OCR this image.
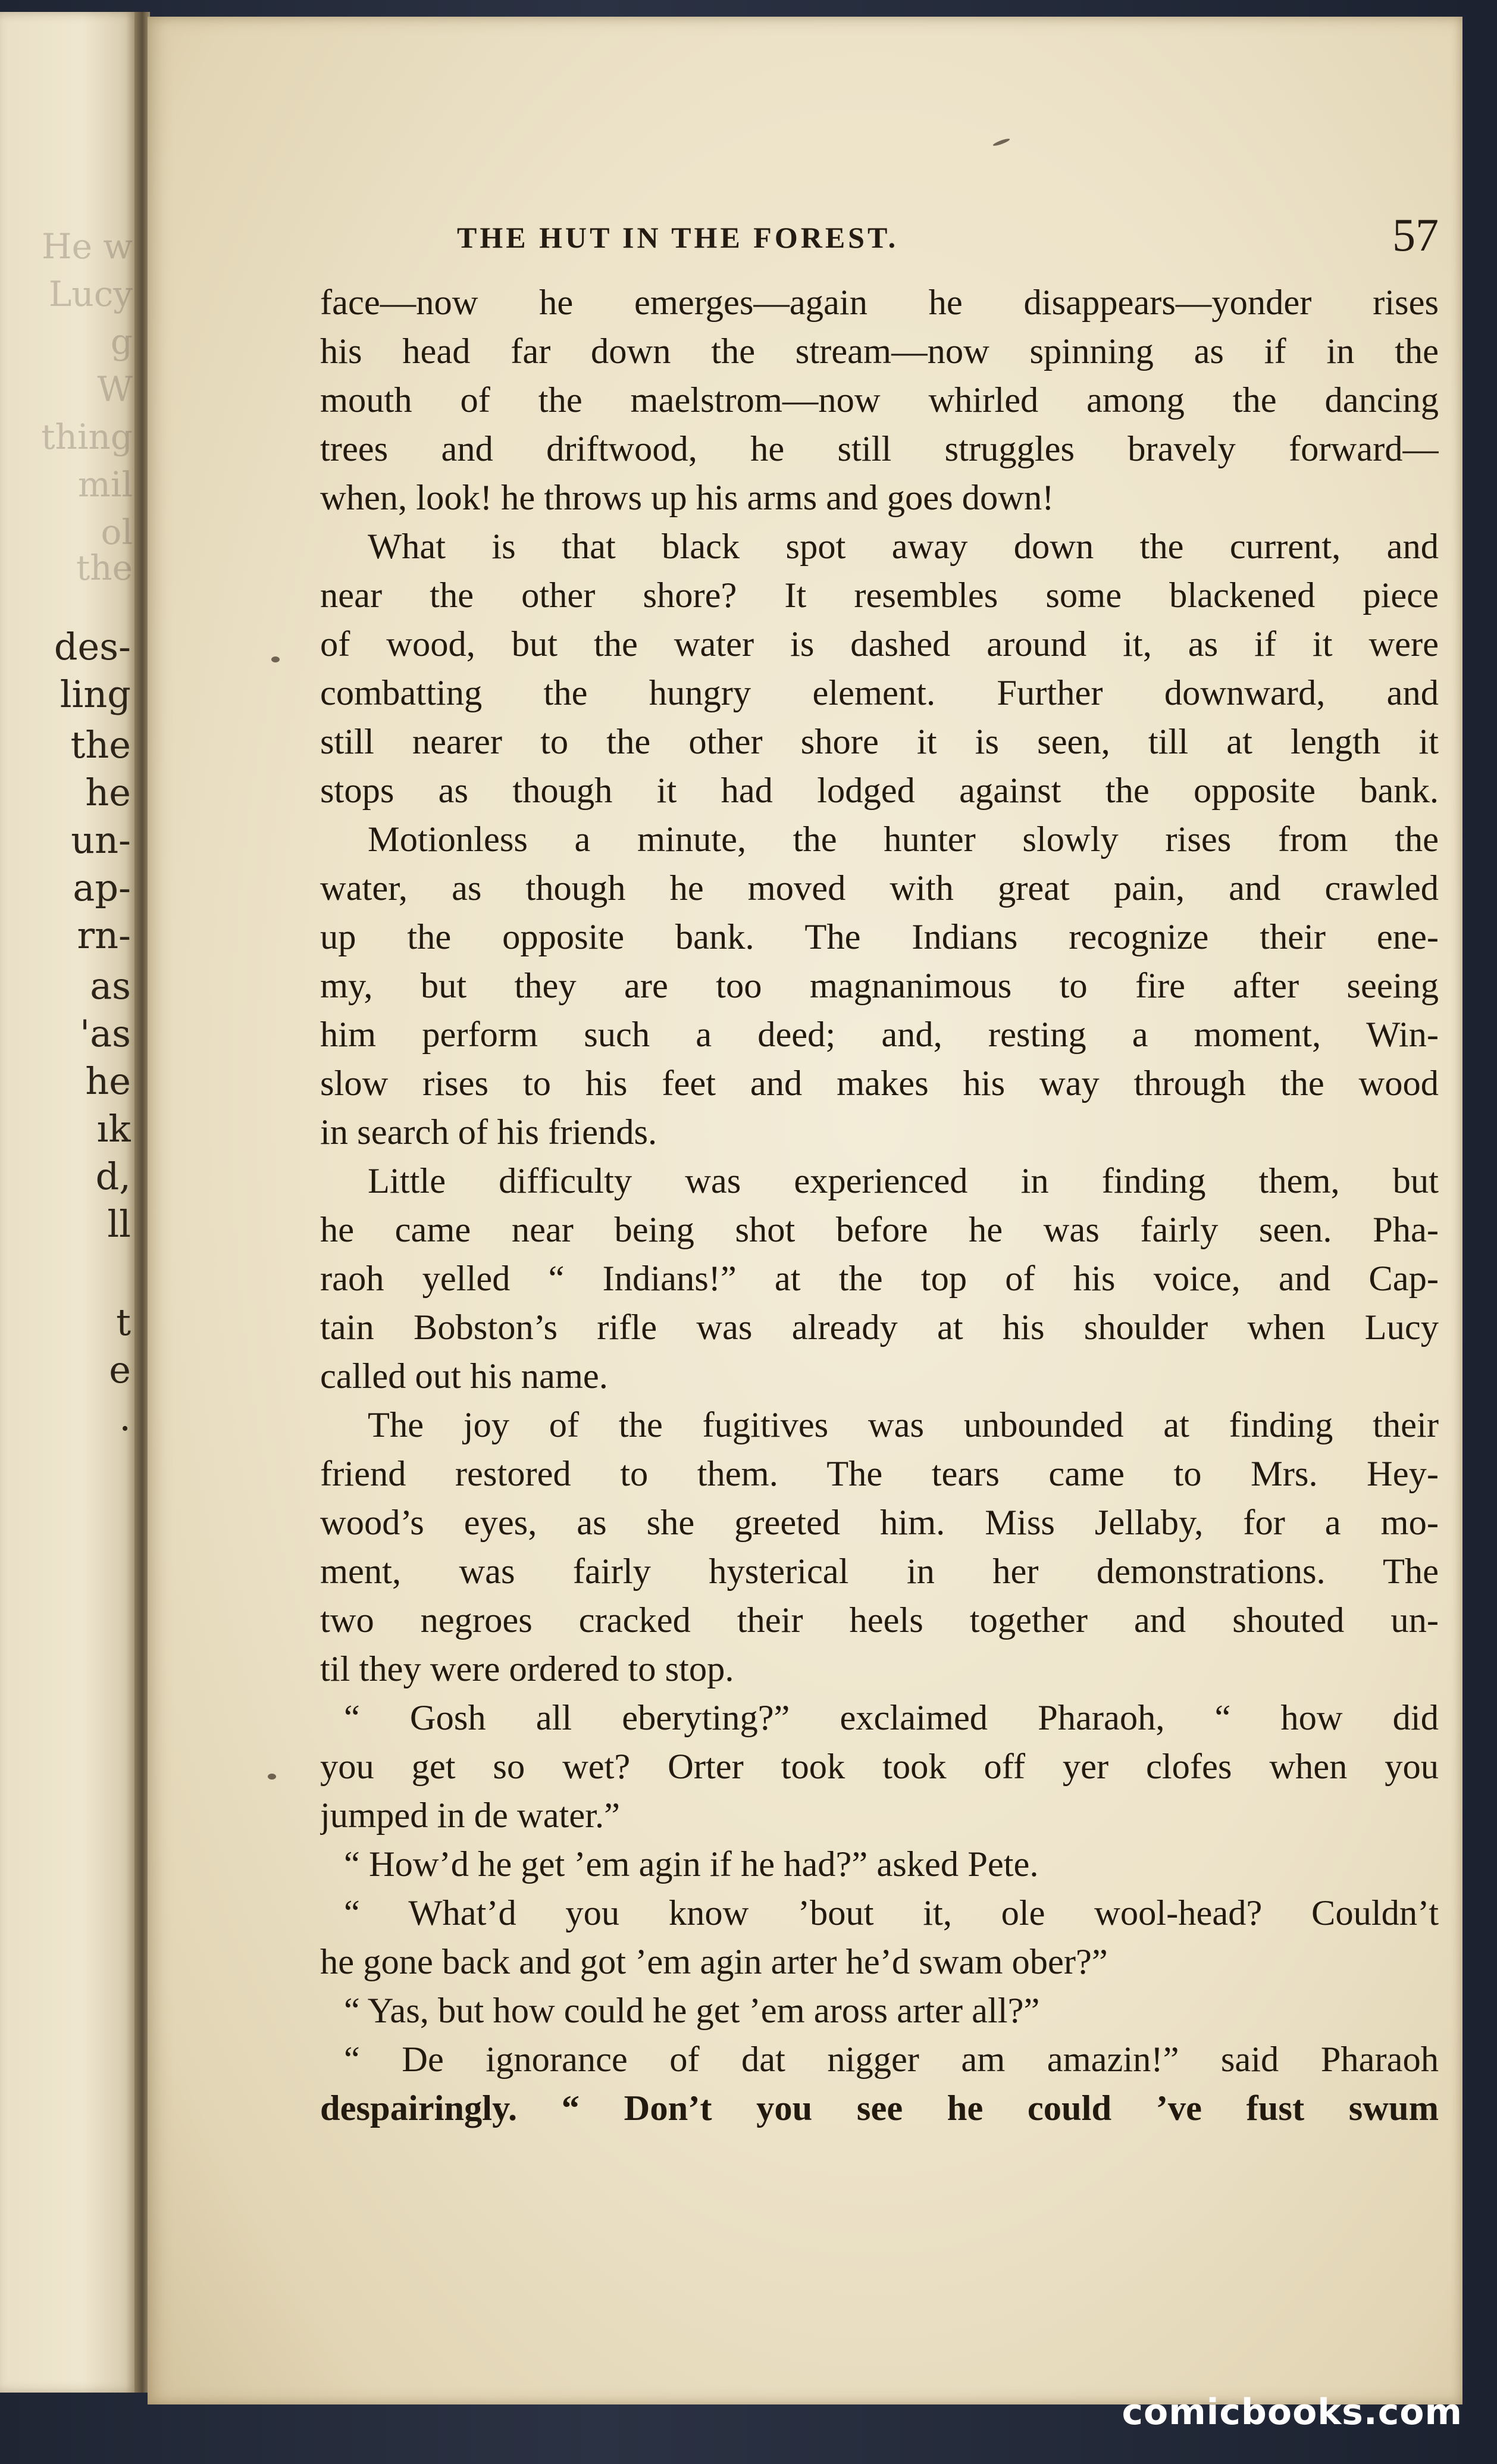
des-
ling
the
he
un-
ap-
rn-
as
'as
he
ık
d,
ll
t
e
.
He w
Lucy
g
W
thing
mil
ol
the
THE HUT IN THE FOREST.	57
face—now he emerges—again he disappears—yonder rises
his head far down the stream—now spinning as if in the
mouth of the maelstrom—now whirled among the dancing
trees and driftwood, he still struggles bravely forward—
when, look! he throws up his arms and goes down!
What is that black spot away down the current, and
near the other shore? It resembles some blackened piece
of wood, but the water is dashed around it, as if it were
combatting the hungry element. Further downward, and
still nearer to the other shore it is seen, till at length it
stops as though it had lodged against the opposite bank.
Motionless a minute, the hunter slowly rises from the
water, as though he moved with great pain, and crawled
up the opposite bank. The Indians recognize their ene-
my, but they are too magnanimous to fire after seeing
him perform such a deed; and, resting a moment, Win-
slow rises to his feet and makes his way through the wood
in search of his friends.
Little difficulty was experienced in finding them, but
he came near being shot before he was fairly seen. Pha-
raoh yelled “ Indians!” at the top of his voice, and Cap-
tain Bobston’s rifle was already at his shoulder when Lucy
called out his name.
The joy of the fugitives was unbounded at finding their
friend restored to them. The tears came to Mrs. Hey-
wood’s eyes, as she greeted him. Miss Jellaby, for a mo-
ment, was fairly hysterical in her demonstrations. The
two negroes cracked their heels together and shouted un-
til they were ordered to stop.
“ Gosh all eberyting?” exclaimed Pharaoh, “ how did
you get so wet? Orter took took off yer clofes when you
jumped in de water.”
“ How’d he get ’em agin if he had?” asked Pete.
“ What’d you know ’bout it, ole wool-head? Couldn’t
he gone back and got ’em agin arter he’d swam ober?”
“ Yas, but how could he get ’em aross arter all?”
“ De ignorance of dat nigger am amazin!” said Pharaoh
despairingly. “ Don’t you see he could ’ve fust swum
comicbooks.com
